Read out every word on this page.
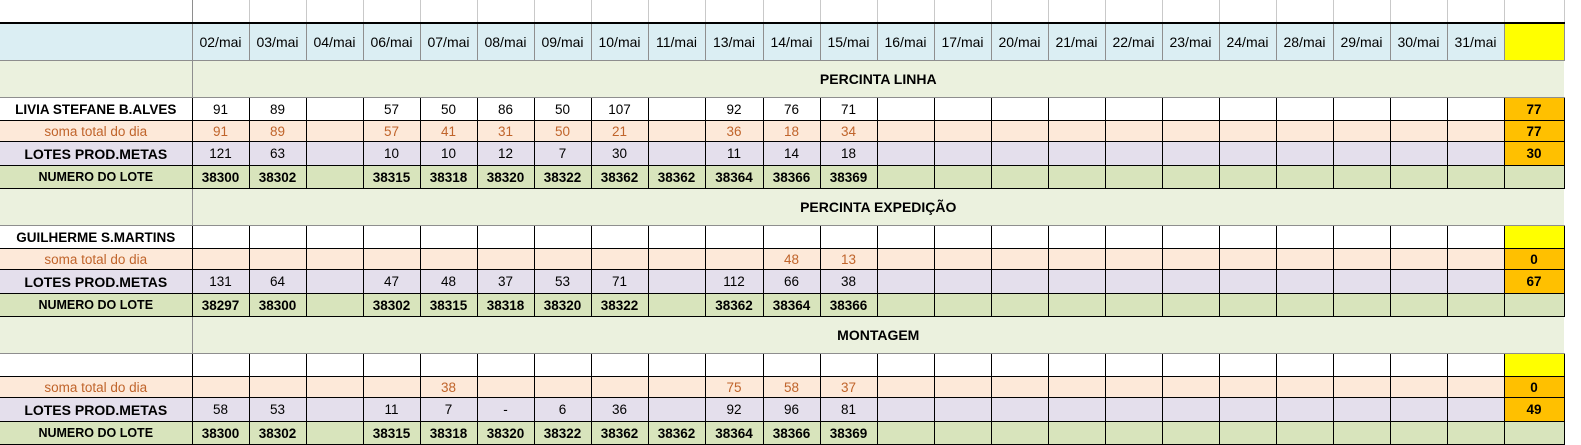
	02/mai	03/mai	04/mai	06/mai	07/mai	08/mai	09/mai	10/mai	11/mai	13/mai	14/mai	15/mai	16/mai	17/mai	20/mai	21/mai	22/mai	23/mai	24/mai	28/mai	29/mai	30/mai	31/mai	
	PERCINTA LINHA																							
LIVIA STEFANE B.ALVES	91	89		57	50	86	50	107		92	76	71												77
soma total do dia	91	89		57	41	31	50	21		36	18	34												77
LOTES PROD.METAS	121	63		10	10	12	7	30		11	14	18												30
NUMERO DO LOTE	38300	38302		38315	38318	38320	38322	38362	38362	38364	38366	38369												
	PERCINTA EXPEDIÇÃO																							
GUILHERME S.MARTINS																								
soma total do dia											48	13												0
LOTES PROD.METAS	131	64		47	48	37	53	71		112	66	38												67
NUMERO DO LOTE	38297	38300		38302	38315	38318	38320	38322		38362	38364	38366												
	MONTAGEM																							

soma total do dia					38					75	58	37												0
LOTES PROD.METAS	58	53		11	7	-	6	36		92	96	81												49
NUMERO DO LOTE	38300	38302		38315	38318	38320	38322	38362	38362	38364	38366	38369												
